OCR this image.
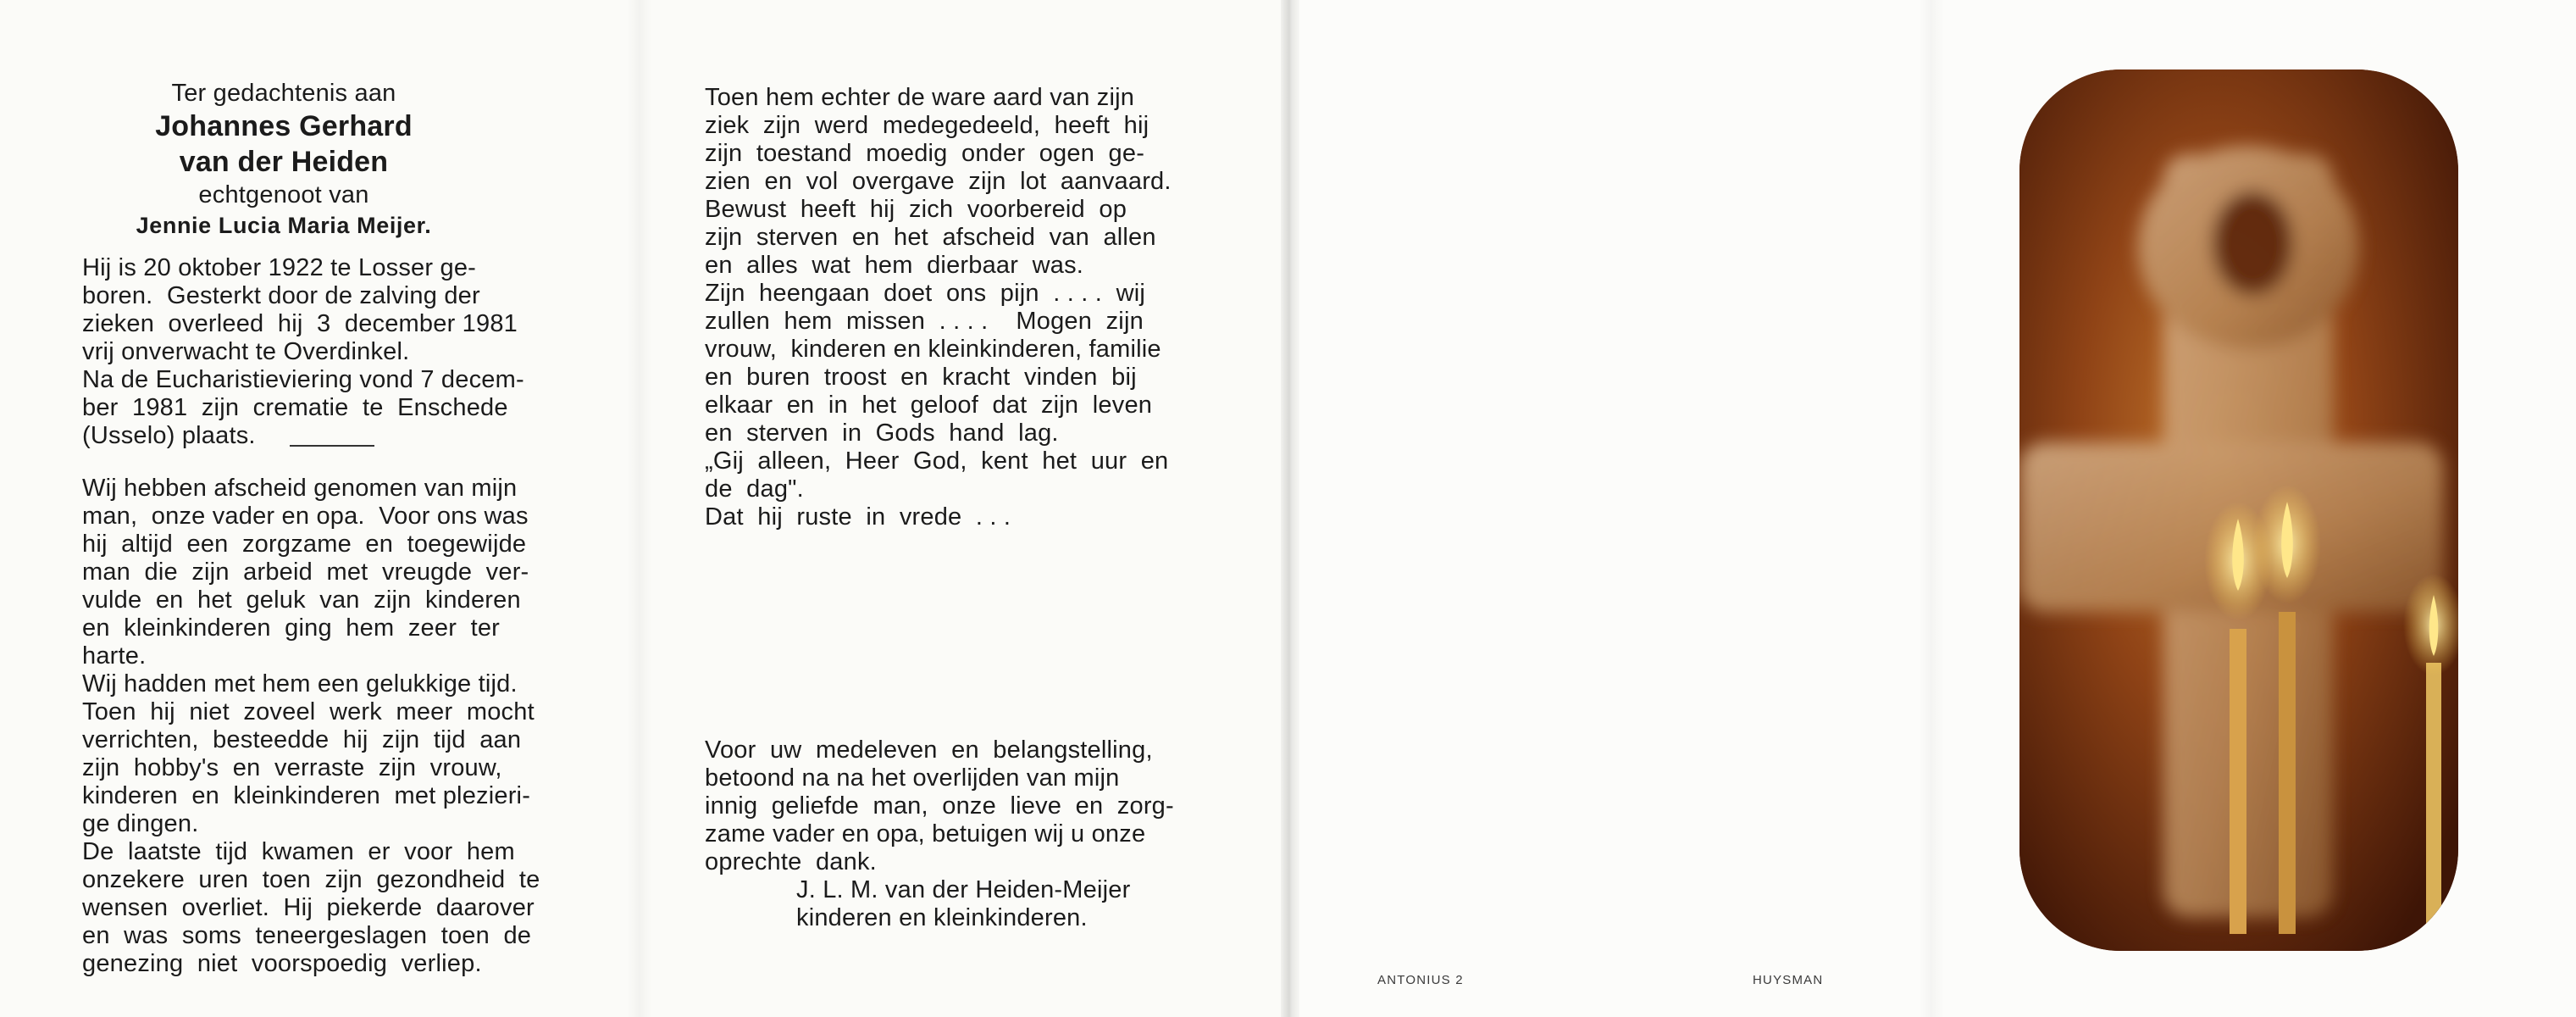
Ter gedachtenis aan
Johannes Gerhard
van der Heiden
echtgenoot van
Jennie Lucia Maria Meijer.

Hij is 20 oktober 1922 te Losser ge-

boren.  Gesterkt door de zalving der

zieken  overleed  hij  3  december 1981

vrij onverwacht te Overdinkel.

Na de Eucharistieviering vond 7 decem-

ber  1981  zijn  crematie  te  Enschede

(Usselo) plaats.

Wij hebben afscheid genomen van mijn

man,  onze vader en opa.  Voor ons was

hij  altijd  een  zorgzame  en  toegewijde

man  die  zijn  arbeid  met  vreugde  ver-

vulde  en  het  geluk  van  zijn  kinderen

en  kleinkinderen  ging  hem  zeer  ter

harte.

Wij hadden met hem een gelukkige tijd.

Toen  hij  niet  zoveel  werk  meer  mocht

verrichten,  besteedde  hij  zijn  tijd  aan

zijn  hobby's  en  verraste  zijn  vrouw,

kinderen  en  kleinkinderen  met plezieri-

ge dingen.

De  laatste  tijd  kwamen  er  voor  hem

onzekere  uren  toen  zijn  gezondheid  te

wensen  overliet.  Hij  piekerde  daarover

en  was  soms  teneergeslagen  toen  de

genezing  niet  voorspoedig  verliep.

Toen hem echter de ware aard van zijn

ziek  zijn  werd  medegedeeld,  heeft  hij

zijn  toestand  moedig  onder  ogen  ge-

zien  en  vol  overgave  zijn  lot  aanvaard.

Bewust  heeft  hij  zich  voorbereid  op

zijn  sterven  en  het  afscheid  van  allen

en  alles  wat  hem  dierbaar  was.

Zijn  heengaan  doet  ons  pijn  . . . .  wij

zullen  hem  missen  . . . .    Mogen  zijn

vrouw,  kinderen en kleinkinderen, familie

en  buren  troost  en  kracht  vinden  bij

elkaar  en  in  het  geloof  dat  zijn  leven

en  sterven  in  Gods  hand  lag.

„Gij  alleen,  Heer  God,  kent  het  uur  en

de  dag".

Dat  hij  ruste  in  vrede  . . .

Voor  uw  medeleven  en  belangstelling,

betoond na na het overlijden van mijn

innig  geliefde  man,  onze  lieve  en  zorg-

zame vader en opa, betuigen wij u onze

oprechte  dank.

J. L. M. van der Heiden-Meijer

kinderen en kleinkinderen.

ANTONIUS 2	HUYSMAN
